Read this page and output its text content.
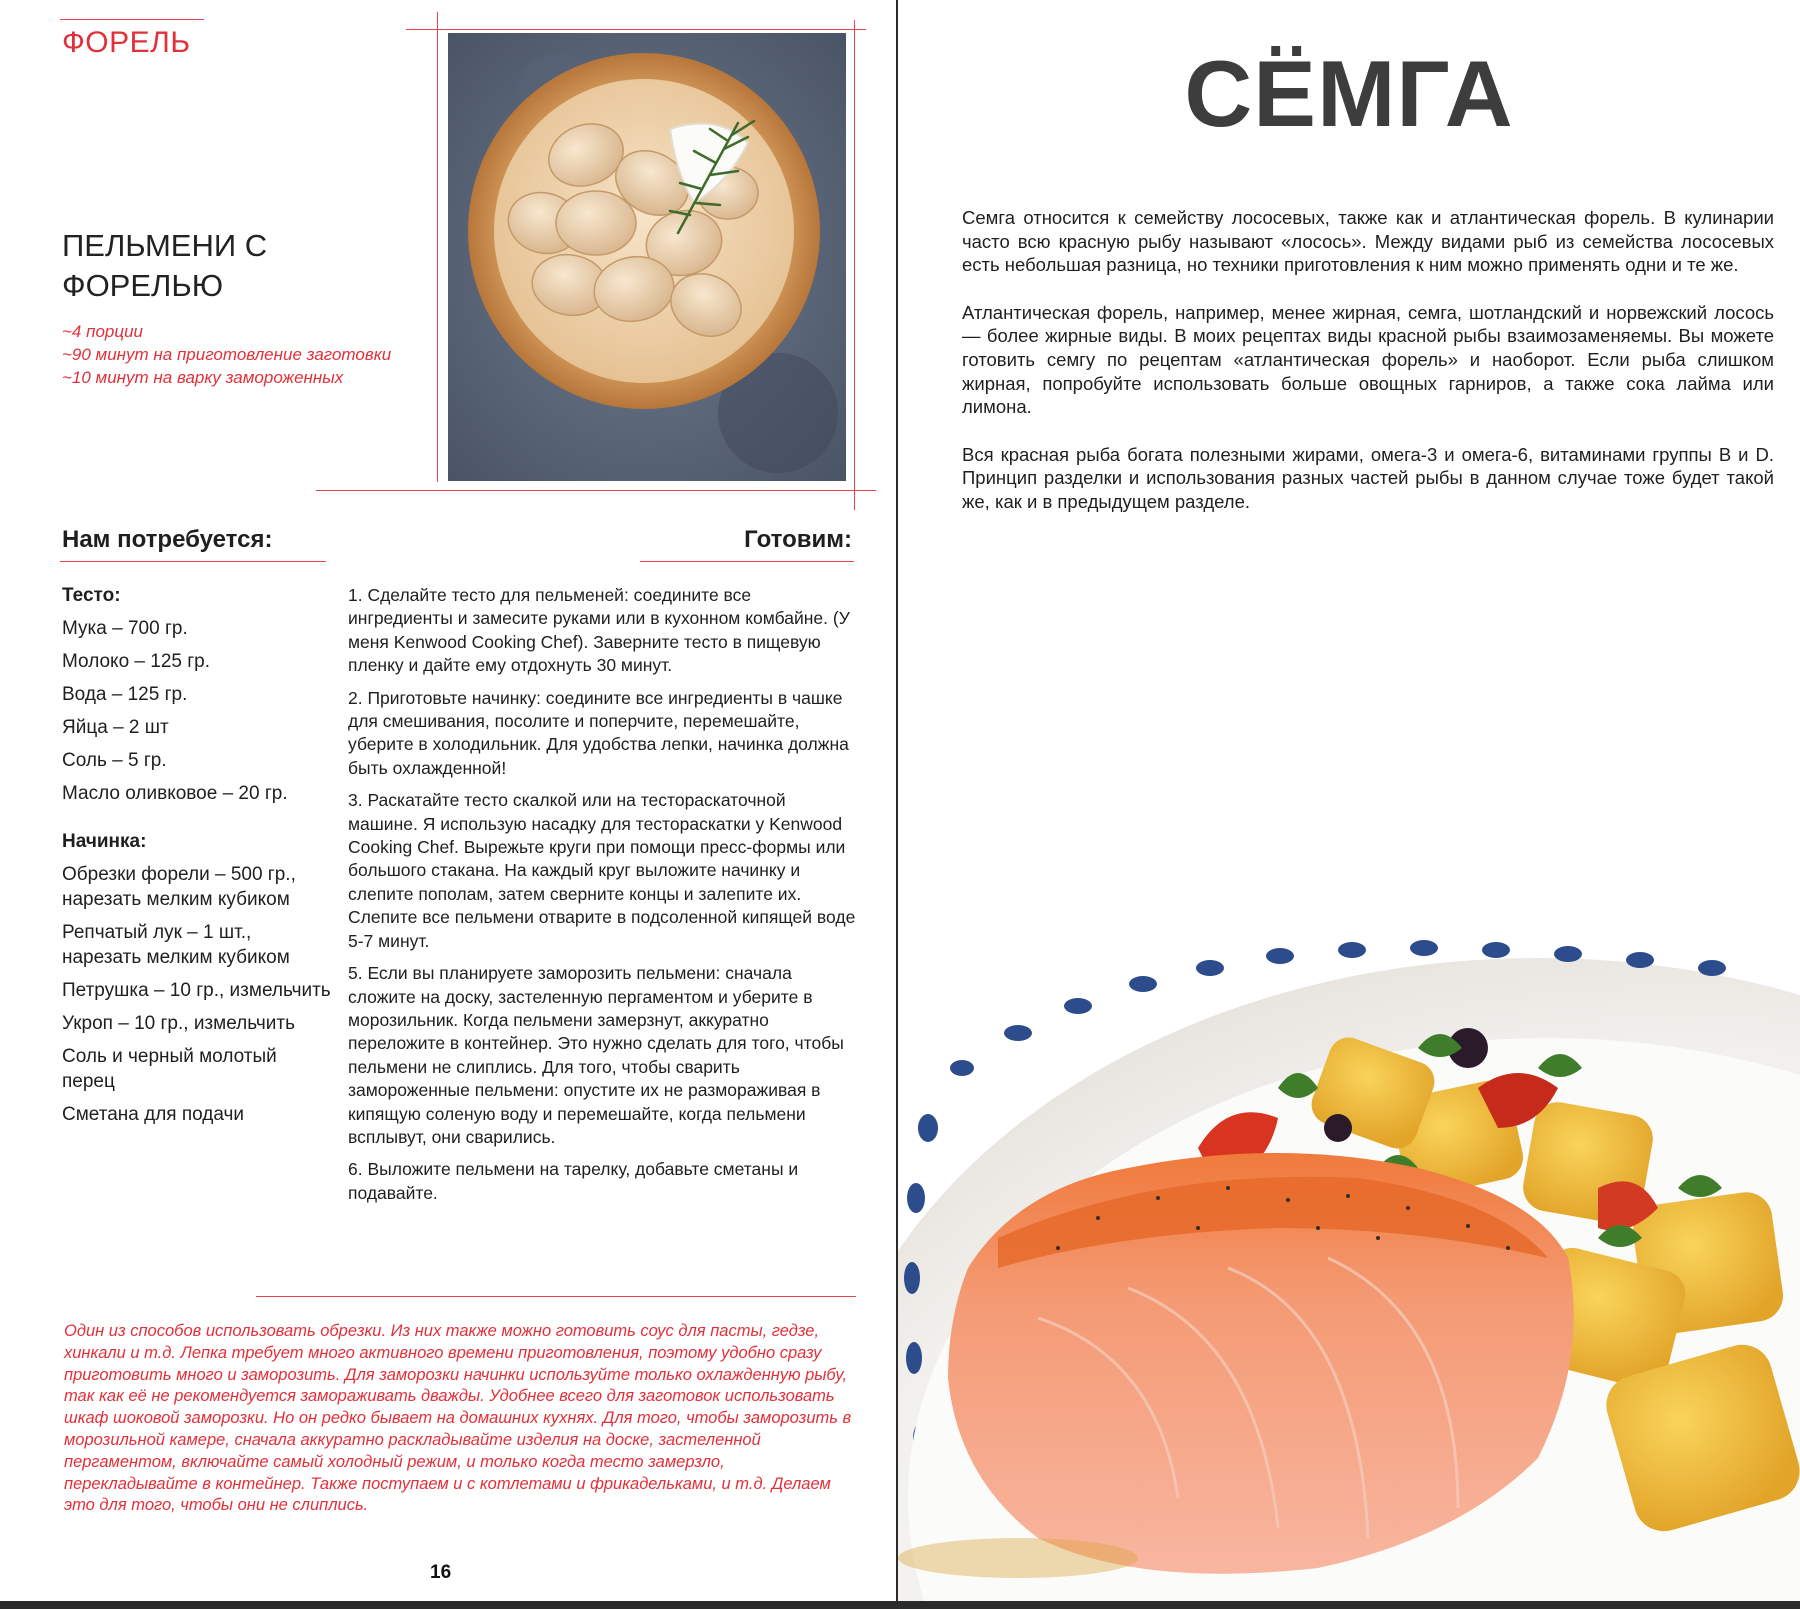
ФОРЕЛЬ
ПЕЛЬМЕНИ С ФОРЕЛЬЮ
~4 порции
~90 минут на приготовление заготовки
~10 минут на варку замороженных
Нам потребуется:	Готовим:
Тесто:
Мука – 700 гр.
Молоко – 125 гр.
Вода – 125 гр.
Яйца – 2 шт
Соль – 5 гр.
Масло оливковое – 20 гр.
Начинка:
Обрезки форели – 500 гр., нарезать мелким кубиком
Репчатый лук – 1 шт., нарезать мелким кубиком
Петрушка – 10 гр., измельчить
Укроп – 10 гр., измельчить
Соль и черный молотый перец
Сметана для подачи
1. Сделайте тесто для пельменей: соедините все ингредиенты и замесите руками или в кухонном комбайне. (У меня Kenwood Cooking Chef). Заверните тесто в пищевую пленку и дайте ему отдохнуть 30 минут.
2. Приготовьте начинку: соедините все ингредиенты в чашке для смешивания, посолите и поперчите, перемешайте, уберите в холодильник. Для удобства лепки, начинка должна быть охлажденной!
3. Раскатайте тесто скалкой или на тестораскаточной машине. Я использую насадку для тестораскатки у Kenwood Cooking Chef. Вырежьте круги при помощи пресс-формы или большого стакана. На каждый круг выложите начинку и слепите пополам, затем сверните концы и залепите их. Слепите все пельмени отварите в подсоленной кипящей воде 5-7 минут.
5. Если вы планируете заморозить пельмени: сначала сложите на доску, застеленную пергаментом и уберите в морозильник. Когда пельмени замерзнут, аккуратно переложите в контейнер. Это нужно сделать для того, чтобы пельмени не слиплись. Для того, чтобы сварить замороженные пельмени: опустите их не размораживая в кипящую соленую воду и перемешайте, когда пельмени всплывут, они сварились.
6. Выложите пельмени на тарелку, добавьте сметаны и подавайте.
Один из способов использовать обрезки. Из них также можно готовить соус для пасты, гедзе, хинкали и т.д. Лепка требует много активного времени приготовления, поэтому удобно сразу приготовить много и заморозить. Для заморозки начинки используйте только охлажденную рыбу, так как её не рекомендуется замораживать дважды. Удобнее всего для заготовок использовать шкаф шоковой заморозки. Но он редко бывает на домашних кухнях. Для того, чтобы заморозить в морозильной камере, сначала аккуратно раскладывайте изделия на доске, застеленной пергаментом, включайте самый холодный режим, и только когда тесто замерзло, перекладывайте в контейнер. Также поступаем и с котлетами и фрикадельками, и т.д. Делаем это для того, чтобы они не слиплись.
16
СЁМГА

Семга относится к семейству лососевых, также как и атлантическая форель. В кулинарии часто всю красную рыбу называют «лосось». Между видами рыб из семейства лососевых есть небольшая разница, но техники приготовления к ним можно применять одни и те же.

Атлантическая форель, например, менее жирная, семга, шотландский и норвежский лосось — более жирные виды. В моих рецептах виды красной рыбы взаимозаменяемы. Вы можете готовить семгу по рецептам «атлантическая форель» и наоборот. Если рыба слишком жирная, попробуйте использовать больше овощных гарниров, а также сока лайма или лимона.

Вся красная рыба богата полезными жирами, омега-3 и омега-6, витаминами группы B и D. Принцип разделки и использования разных частей рыбы в данном случае тоже будет такой же, как и в предыдущем разделе.
